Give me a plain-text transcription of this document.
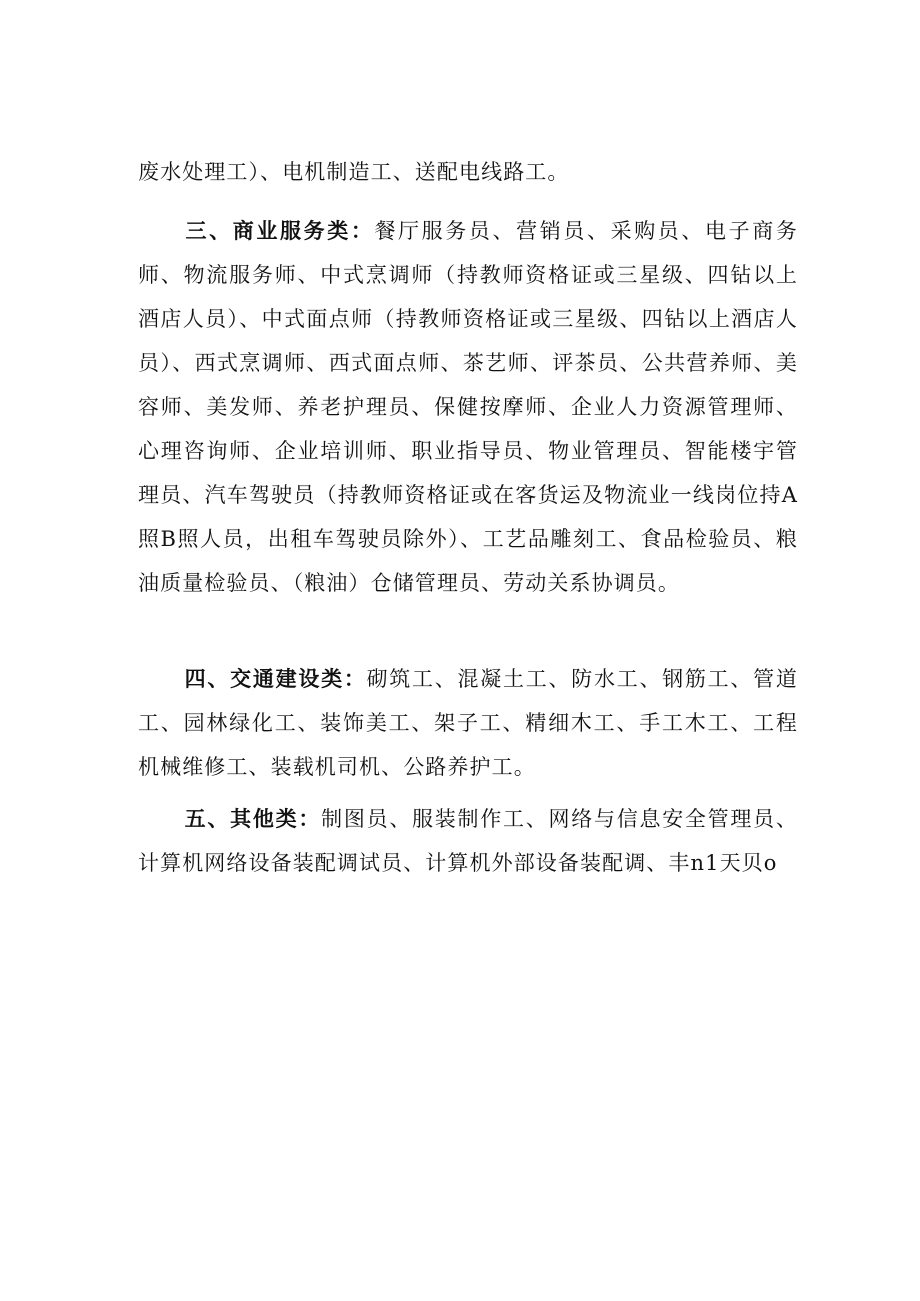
废水处理工）、电机制造工、送配电线路工。

三、商业服务类：餐厅服务员、营销员、采购员、电子商务师、物流服务师、中式烹调师（持教师资格证或三星级、四钻以上酒店人员）、中式面点师（持教师资格证或三星级、四钻以上酒店人员）、西式烹调师、西式面点师、茶艺师、评茶员、公共营养师、美容师、美发师、养老护理员、保健按摩师、企业人力资源管理师、心理咨询师、企业培训师、职业指导员、物业管理员、智能楼宇管理员、汽车驾驶员（持教师资格证或在客货运及物流业一线岗位持A照B照人员，出租车驾驶员除外）、工艺品雕刻工、食品检验员、粮油质量检验员、（粮油）仓储管理员、劳动关系协调员。

四、交通建设类：砌筑工、混凝土工、防水工、钢筋工、管道工、园林绿化工、装饰美工、架子工、精细木工、手工木工、工程机械维修工、装载机司机、公路养护工。

五、其他类：制图员、服装制作工、网络与信息安全管理员、计算机网络设备装配调试员、计算机外部设备装配调、丰n1天贝o
